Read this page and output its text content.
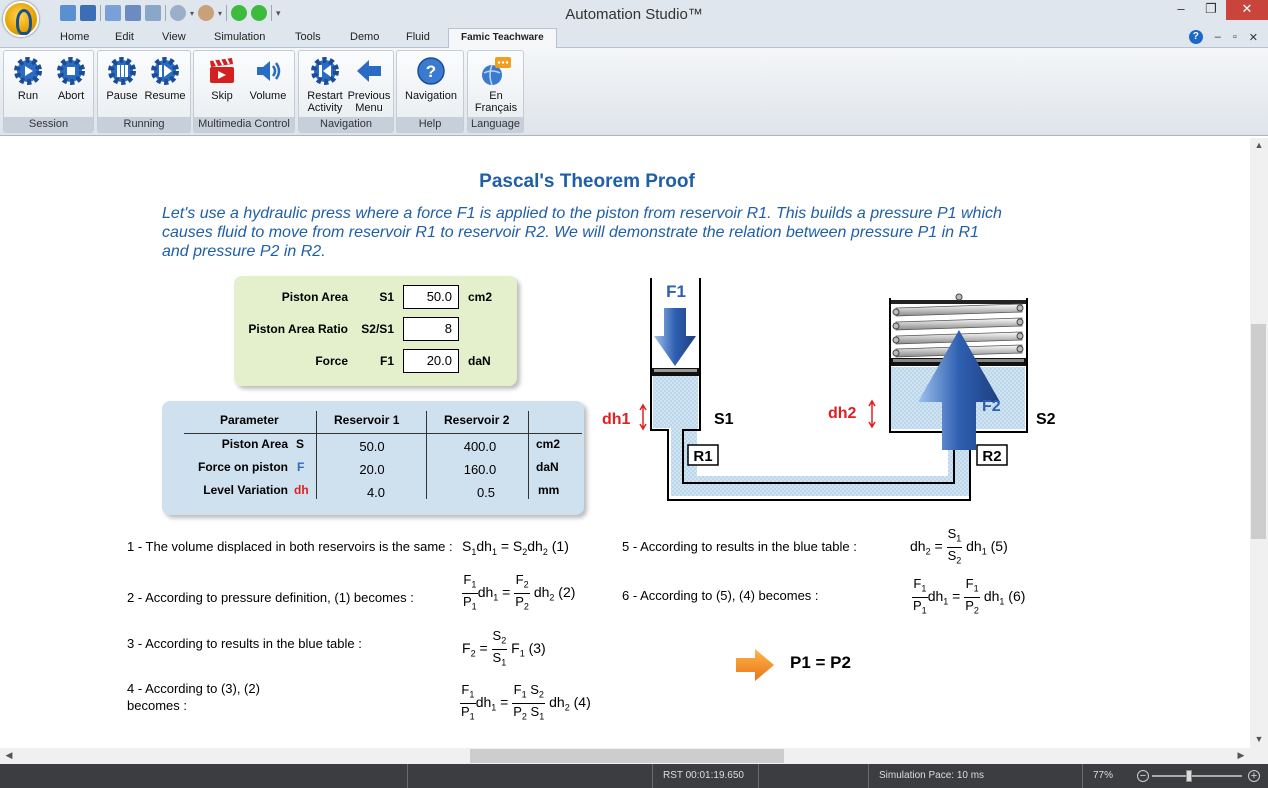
▾	▾	▾	Automation Studio™	–	❐	✕
Home Edit	View	Simulation	Tools	Demo Fluid	Famic Teachware	?	– ▫ ✕
Run	Abort
Session
Pause Resume
Running
Skip	Volume
Multimedia Control
Restart
Activity
Previous
Menu
Navigation
?
Navigation
Help
En
Français
Language
Pascal's Theorem Proof
Let's use a hydraulic press where a force F1 is applied to the piston from reservoir R1. This builds a pressure P1 which causes fluid to move from reservoir R1 to reservoir R2. We will demonstrate the relation between pressure P1 in R1 and pressure P2 in R2.
Piston Area	S1	50.0	cm2
Piston Area Ratio	S2/S1	8
Force	F1	20.0	daN
Parameter	Reservoir 1	Reservoir 2
Piston Area S	50.0	400.0	cm2
Force on piston F	20.0	160.0	daN
Level Variation dh	4.0	0.5	mm
F1
dh1	S1
R1
F2
dh2	S2
R2
1 - The volume displaced in both reservoirs is the same : $S_1dh_1 = S_2dh_2$ (1)
2 - According to pressure definition, (1) becomes :	$\frac{F_1}{P_1} dh_1 = \frac{F_2}{P_2} dh_2$ (2)
3 - According to results in the blue table :	$F_2 = \frac{S_2}{S_1} F_1$ (3)
4 - According to (3), (2) becomes :	$\frac{F_1}{P_1} dh_1 = \frac{F_1 S_2}{P_2 S_1} dh_2$ (4)
5 - According to results in the blue table :	$dh_2 = \frac{S_1}{S_2} dh_1$ (5)
6 - According to (5), (4) becomes :	$\frac{F_1}{P_1} dh_1 = \frac{F_1}{P_2} dh_1$ (6)
P1 = P2
▲
▼
◀	▶
RST 00:01:19.650	Simulation Pace: 10 ms	77%	−	+
